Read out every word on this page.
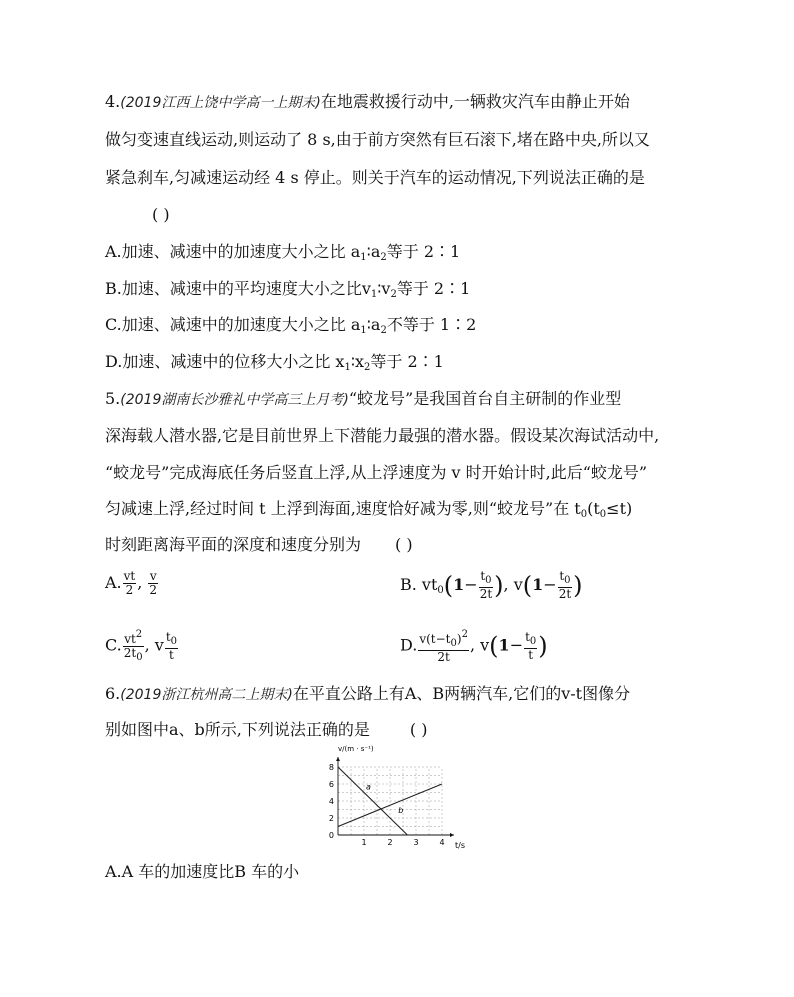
4.(2019江西上饶中学高一上期末)在地震救援行动中,一辆救灾汽车由静止开始
做匀变速直线运动,则运动了 8 s,由于前方突然有巨石滚下,堵在路中央,所以又
紧急刹车,匀减速运动经 4 s 停止。则关于汽车的运动情况,下列说法正确的是
( )
A.加速、减速中的加速度大小之比 $a_1∶a_2$等于 2∶1
B.加速、减速中的平均速度大小之比$v_1∶v_2$等于 2∶1
C.加速、减速中的加速度大小之比 $a_1∶a_2$不等于 1∶2
D.加速、减速中的位移大小之比 $x_1∶x_2$等于 2∶1
5.(2019湖南长沙雅礼中学高三上月考)“蛟龙号”是我国首台自主研制的作业型
深海载人潜水器,它是目前世界上下潜能力最强的潜水器。假设某次海试活动中,
“蛟龙号”完成海底任务后竖直上浮,从上浮速度为 v 时开始计时,此后“蛟龙号”
匀减速上浮,经过时间 t 上浮到海面,速度恰好减为零,则“蛟龙号”在 $t_0(t_0\le t)$
时刻距离海平面的深度和速度分别为 ( )
A. $\frac{vt}{2}$ , $\frac{v}{2}$	B. $vt_0(1- \frac{t_0}{2t}$ ), $v(1- \frac{t_0}{2t}$ )
C. $\frac{vt^2}{2t_0}$ , v $\frac{t_0}{t}$	D. $\frac{v(t-t_0)^2}{2t}$ , $v(1- \frac{t_0}{t}$ )
6.(2019浙江杭州高二上期末)在平直公路上有A、B两辆汽车,它们的v-t图像分
别如图中a、b所示,下列说法正确的是	( )
1	2	3	4
0
2
4
6
8
a
b
v/(m · s⁻¹)
t/s
A.A 车的加速度比B 车的小
